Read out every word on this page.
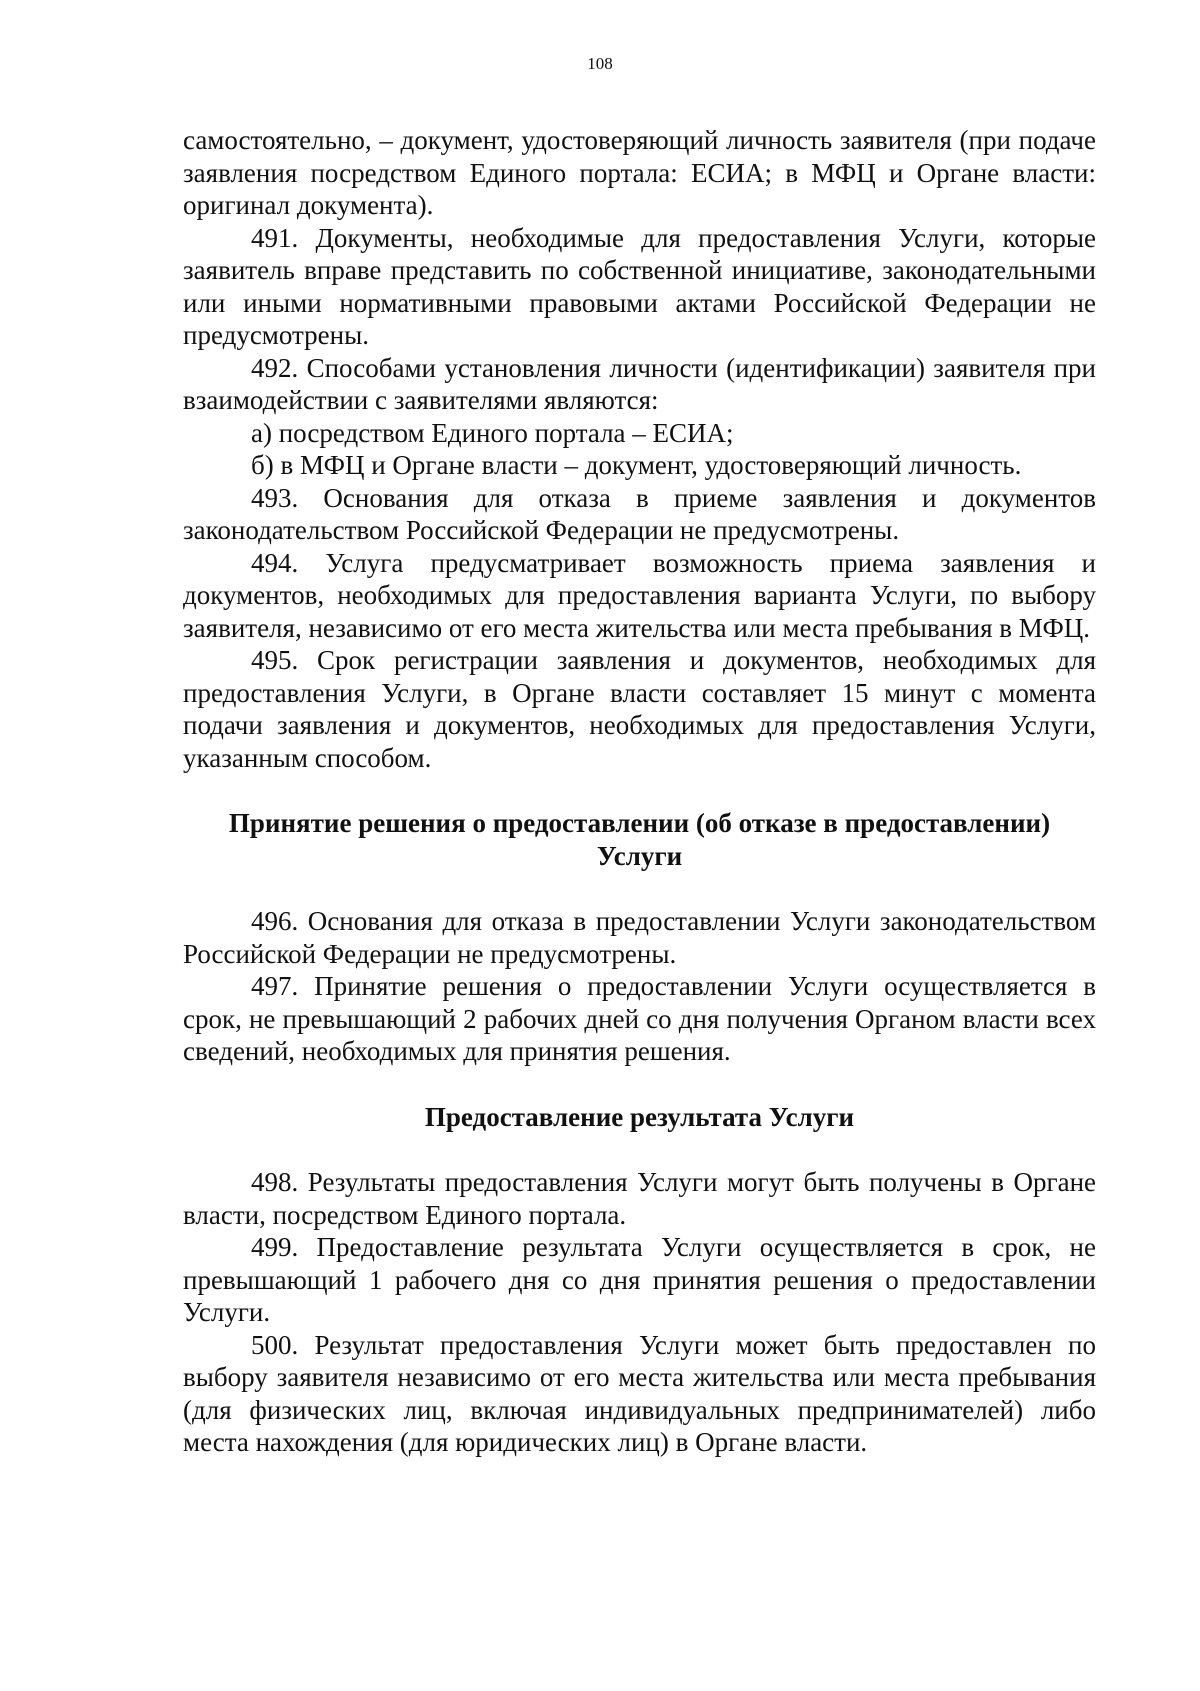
108

самостоятельно, – документ, удостоверяющий личность заявителя (при подаче заявления посредством Единого портала: ЕСИА; в МФЦ и Органе власти: оригинал документа).

491. Документы, необходимые для предоставления Услуги, которые заявитель вправе представить по собственной инициативе, законодательными или иными нормативными правовыми актами Российской Федерации не предусмотрены.

492. Способами установления личности (идентификации) заявителя при взаимодействии с заявителями являются:

а) посредством Единого портала – ЕСИА;

б) в МФЦ и Органе власти – документ, удостоверяющий личность.

493. Основания для отказа в приеме заявления и документов законодательством Российской Федерации не предусмотрены.

494. Услуга предусматривает возможность приема заявления и документов, необходимых для предоставления варианта Услуги, по выбору заявителя, независимо от его места жительства или места пребывания в МФЦ.

495. Срок регистрации заявления и документов, необходимых для предоставления Услуги, в Органе власти составляет 15 минут с момента подачи заявления и документов, необходимых для предоставления Услуги, указанным способом.

Принятие решения о предоставлении (об отказе в предоставлении) Услуги

496. Основания для отказа в предоставлении Услуги законодательством Российской Федерации не предусмотрены.

497. Принятие решения о предоставлении Услуги осуществляется в срок, не превышающий 2 рабочих дней со дня получения Органом власти всех сведений, необходимых для принятия решения.

Предоставление результата Услуги

498. Результаты предоставления Услуги могут быть получены в Органе власти, посредством Единого портала.

499. Предоставление результата Услуги осуществляется в срок, не превышающий 1 рабочего дня со дня принятия решения о предоставлении Услуги.

500. Результат предоставления Услуги может быть предоставлен по выбору заявителя независимо от его места жительства или места пребывания (для физических лиц, включая индивидуальных предпринимателей) либо места нахождения (для юридических лиц) в Органе власти.
